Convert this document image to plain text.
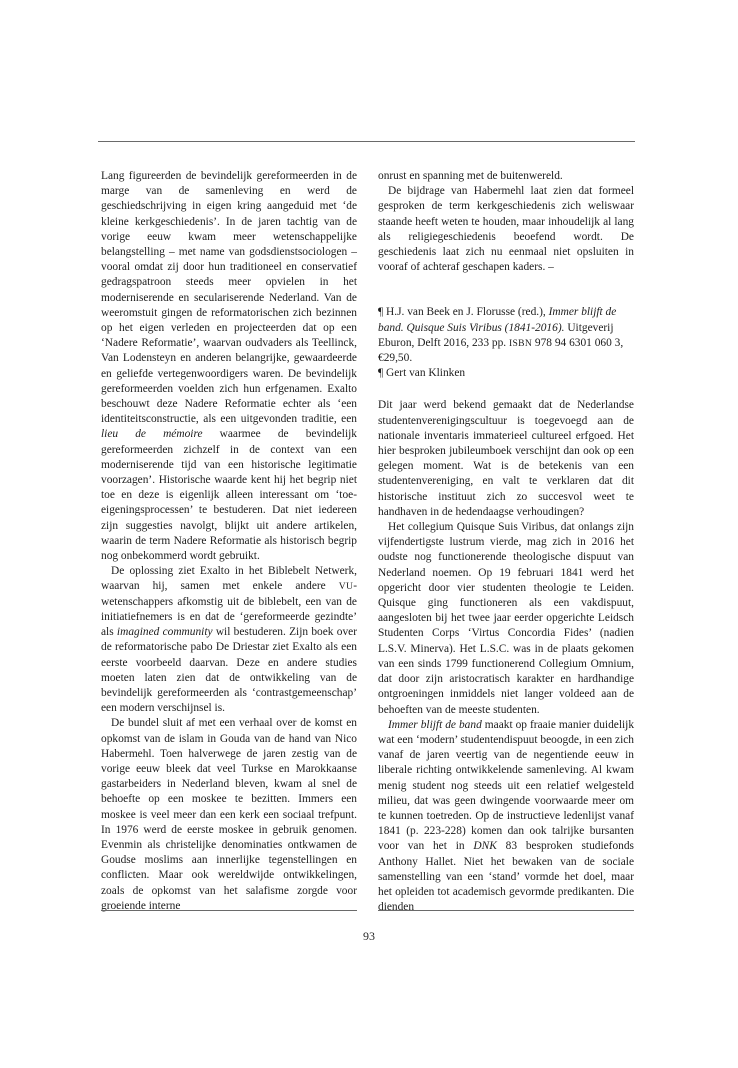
Lang figureerden de bevindelijk gereformeerden in de marge van de samenleving en werd de geschiedschrijving in eigen kring aangeduid met ‘de kleine kerkgeschiedenis’. In de jaren tachtig van de vorige eeuw kwam meer wetenschappelijke belangstelling – met name van godsdienstsociologen – vooral omdat zij door hun traditioneel en conservatief gedragspatroon steeds meer opvielen in het moderniserende en seculariserende Nederland. Van de weeromstuit gingen de reformatorischen zich bezinnen op het eigen verleden en projecteerden dat op een ‘Nadere Reformatie’, waarvan oudvaders als Teellinck, Van Lodensteyn en anderen belangrijke, gewaardeerde en geliefde vertegenwoordigers waren. De bevindelijk gereformeerden voelden zich hun erfgenamen. Exalto beschouwt deze Nadere Reformatie echter als ‘een identiteitsconstructie, als een uitgevonden traditie, een lieu de mémoire waarmee de bevindelijk gereformeerden zichzelf in de context van een moderniserende tijd van een historische legitimatie voorzagen’. Historische waarde kent hij het begrip niet toe en deze is eigenlijk alleen interessant om ‘toe-eigeningsprocessen’ te bestuderen. Dat niet iedereen zijn suggesties navolgt, blijkt uit andere artikelen, waarin de term Nadere Reformatie als historisch begrip nog onbekommerd wordt gebruikt.

De oplossing ziet Exalto in het Biblebelt Netwerk, waarvan hij, samen met enkele andere VU-wetenschappers afkomstig uit de biblebelt, een van de initiatiefnemers is en dat de ‘gereformeerde gezindte’ als imagined community wil bestuderen. Zijn boek over de reformatorische pabo De Driestar ziet Exalto als een eerste voorbeeld daarvan. Deze en andere studies moeten laten zien dat de ontwikkeling van de bevindelijk gereformeerden als ‘contrastgemeenschap’ een modern verschijnsel is.

De bundel sluit af met een verhaal over de komst en opkomst van de islam in Gouda van de hand van Nico Habermehl. Toen halverwege de jaren zestig van de vorige eeuw bleek dat veel Turkse en Marokkaanse gastarbeiders in Nederland bleven, kwam al snel de behoefte op een moskee te bezitten. Immers een moskee is veel meer dan een kerk een sociaal trefpunt. In 1976 werd de eerste moskee in gebruik genomen. Evenmin als christelijke denominaties ontkwamen de Goudse moslims aan innerlijke tegenstellingen en conflicten. Maar ook wereldwijde ontwikkelingen, zoals de opkomst van het salafisme zorgde voor groeiende interne

onrust en spanning met de buitenwereld.

De bijdrage van Habermehl laat zien dat formeel gesproken de term kerkgeschiedenis zich weliswaar staande heeft weten te houden, maar inhoudelijk al lang als religiegeschiedenis beoefend wordt. De geschiedenis laat zich nu eenmaal niet opsluiten in vooraf of achteraf geschapen kaders. –

¶ H.J. van Beek en J. Florusse (red.), Immer blijft de band. Quisque Suis Viribus (1841-2016). Uitgeverij Eburon, Delft 2016, 233 pp. ISBN 978 94 6301 060 3, €29,50.

¶ Gert van Klinken

Dit jaar werd bekend gemaakt dat de Nederlandse studentenverenigingscultuur is toegevoegd aan de nationale inventaris immaterieel cultureel erfgoed. Het hier besproken jubileumboek verschijnt dan ook op een gelegen moment. Wat is de betekenis van een studentenvereniging, en valt te verklaren dat dit historische instituut zich zo succesvol weet te handhaven in de hedendaagse verhoudingen?

Het collegium Quisque Suis Viribus, dat onlangs zijn vijfendertigste lustrum vierde, mag zich in 2016 het oudste nog functionerende theologische dispuut van Nederland noemen. Op 19 februari 1841 werd het opgericht door vier studenten theologie te Leiden. Quisque ging functioneren als een vakdispuut, aangesloten bij het twee jaar eerder opgerichte Leidsch Studenten Corps ‘Virtus Concordia Fides’ (nadien L.S.V. Minerva). Het L.S.C. was in de plaats gekomen van een sinds 1799 functionerend Collegium Omnium, dat door zijn aristocratisch karakter en hardhandige ontgroeningen inmiddels niet langer voldeed aan de behoeften van de meeste studenten.

Immer blijft de band maakt op fraaie manier duidelijk wat een ‘modern’ studentendispuut beoogde, in een zich vanaf de jaren veertig van de negentiende eeuw in liberale richting ontwikkelende samenleving. Al kwam menig student nog steeds uit een relatief welgesteld milieu, dat was geen dwingende voorwaarde meer om te kunnen toetreden. Op de instructieve ledenlijst vanaf 1841 (p. 223-228) komen dan ook talrijke bursanten voor van het in DNK 83 besproken studiefonds Anthony Hallet. Niet het bewaken van de sociale samenstelling van een ‘stand’ vormde het doel, maar het opleiden tot academisch gevormde predikanten. Die dienden

93
